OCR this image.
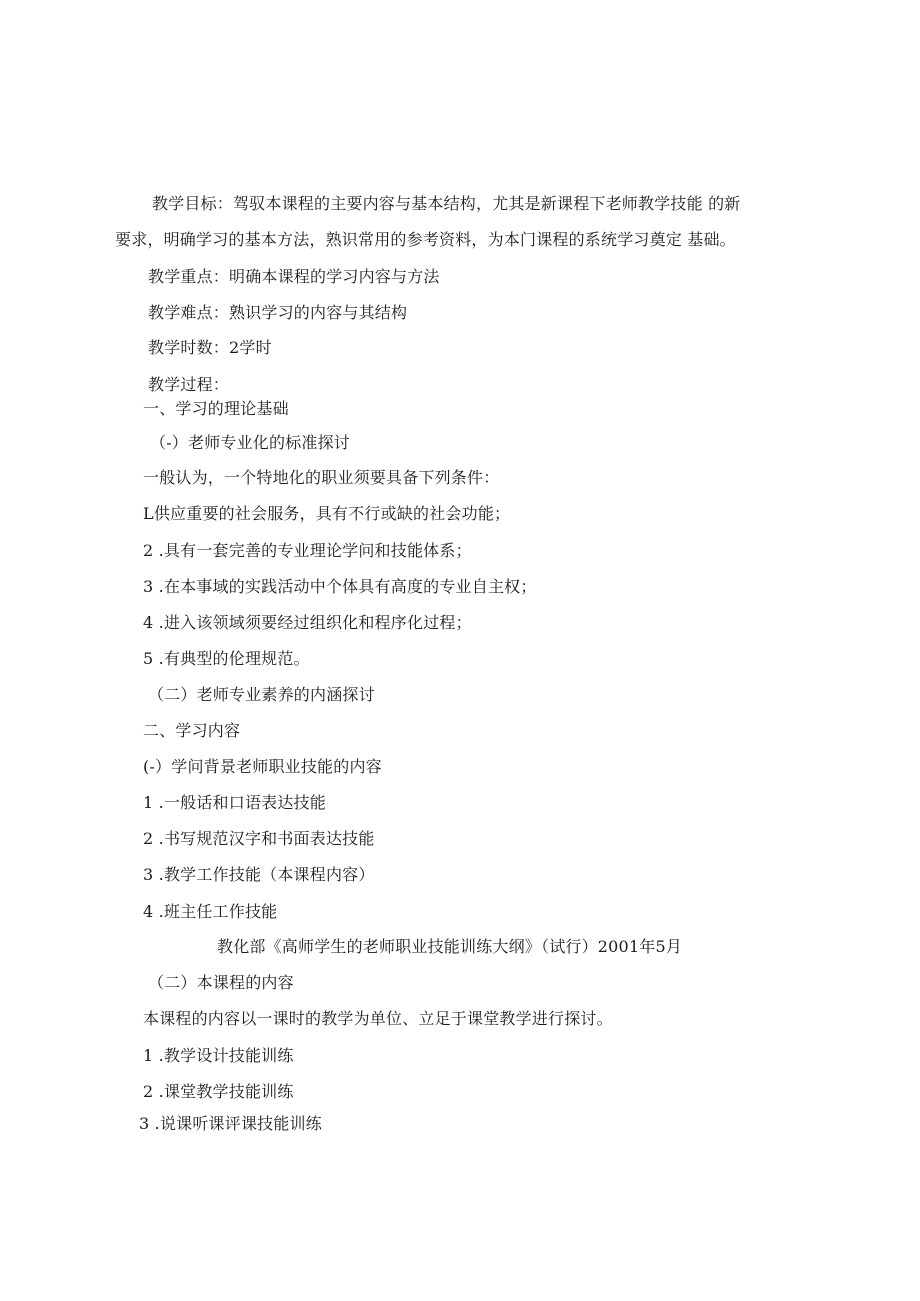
教学目标：驾驭本课程的主要内容与基本结构，尤其是新课程下老师教学技能 的新
要求，明确学习的基本方法，熟识常用的参考资料，为本门课程的系统学习奠定 基础。
教学重点：明确本课程的学习内容与方法
教学难点：熟识学习的内容与其结构
教学时数：2学时
教学过程：
一、学习的理论基础
（-）老师专业化的标准探讨
一般认为，一个特地化的职业须要具备下列条件：
L供应重要的社会服务，具有不行或缺的社会功能；
2 .具有一套完善的专业理论学问和技能体系；
3 .在本事域的实践活动中个体具有高度的专业自主权；
4 .进入该领域须要经过组织化和程序化过程；
5 .有典型的伦理规范。
（二）老师专业素养的内涵探讨
二、学习内容
(-）学问背景老师职业技能的内容
1 .一般话和口语表达技能
2 .书写规范汉字和书面表达技能
3 .教学工作技能（本课程内容）
4 .班主任工作技能
教化部《高师学生的老师职业技能训练大纲》（试行）2001年5月
（二）本课程的内容
本课程的内容以一课时的教学为单位、立足于课堂教学进行探讨。
1 .教学设计技能训练
2 .课堂教学技能训练
3 .说课听课评课技能训练
